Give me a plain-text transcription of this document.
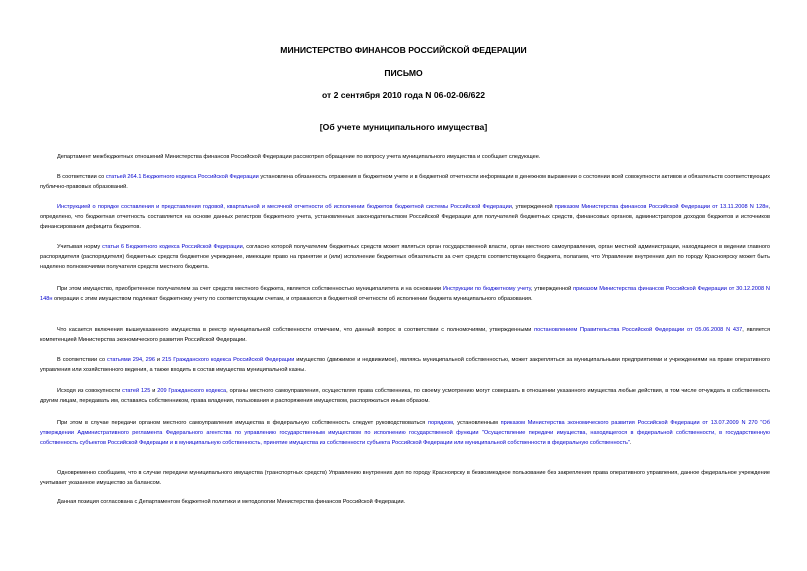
МИНИСТЕРСТВО ФИНАНСОВ РОССИЙСКОЙ ФЕДЕРАЦИИ
ПИСЬМО
от 2 сентября 2010 года N 06-02-06/622
[Об учете муниципального имущества]

Департамент межбюджетных отношений Министерства финансов Российской Федерации рассмотрел обращение по вопросу учета муниципального имущества и сообщает следующее.

В соответствии со статьей 264.1 Бюджетного кодекса Российской Федерации установлена обязанность отражения в бюджетном учете и в бюджетной отчетности информации в денежном выражении о состоянии всей совокупности активов и обязательств соответствующих публично-правовых образований.

Инструкцией о порядке составления и представления годовой, квартальной и месячной отчетности об исполнении бюджетов бюджетной системы Российской Федерации, утвержденной приказом Министерства финансов Российской Федерации от 13.11.2008 N 128н, определено, что бюджетная отчетность составляется на основе данных регистров бюджетного учета, установленных законодательством Российской Федерации для получателей бюджетных средств, финансовых органов, администраторов доходов бюджетов и источников финансирования дефицита бюджетов.

Учитывая норму статьи 6 Бюджетного кодекса Российской Федерации, согласно которой получателем бюджетных средств может являться орган государственной власти, орган местного самоуправления, орган местной администрации, находящиеся в ведении главного распорядителя (распорядителя) бюджетных средств бюджетное учреждение, имеющие право на принятие и (или) исполнение бюджетных обязательств за счет средств соответствующего бюджета, полагаем, что Управление внутренних дел по городу Красноярску может быть наделено полномочиями получателя средств местного бюджета.

При этом имущество, приобретенное получателем за счет средств местного бюджета, является собственностью муниципалитета и на основании Инструкции по бюджетному учету, утвержденной приказом Министерства финансов Российской Федерации от 30.12.2008 N 148н операции с этим имуществом подлежат бюджетному учету по соответствующим счетам, и отражаются в бюджетной отчетности об исполнении бюджета муниципального образования.

Что касается включения вышеуказанного имущества в реестр муниципальной собственности отмечаем, что данный вопрос в соответствии с полномочиями, утвержденными постановлением Правительства Российской Федерации от 05.06.2008 N 437, является компетенцией Министерства экономического развития Российской Федерации.

В соответствии со статьями 294, 296 и 215 Гражданского кодекса Российской Федерации имущество (движимое и недвижимое), являясь муниципальной собственностью, может закрепляться за муниципальными предприятиями и учреждениями на праве оперативного управления или хозяйственного ведения, а также входить в состав имущества муниципальной казны.

Исходя из совокупности статей 125 и 209 Гражданского кодекса, органы местного самоуправления, осуществляя права собственника, по своему усмотрению могут совершать в отношении указанного имущества любые действия, в том числе отчуждать в собственность другим лицам, передавать им, оставаясь собственником, права владения, пользования и распоряжения имуществом, распоряжаться иным образом.

При этом в случае передачи органом местного самоуправления имущества в федеральную собственность следует руководствоваться порядком, установленным приказом Министерства экономического развития Российской Федерации от 13.07.2009 N 270 "Об утверждении Административного регламента Федерального агентства по управлению государственным имуществом по исполнению государственной функции "Осуществление передачи имущества, находящегося в федеральной собственности, в государственную собственность субъектов Российской Федерации и в муниципальную собственность, принятие имущества из собственности субъекта Российской Федерации или муниципальной собственности в федеральную собственность".

Одновременно сообщаем, что в случае передачи муниципального имущества (транспортных средств) Управлению внутренних дел по городу Красноярску в безвозмездное пользование без закрепления права оперативного управления, данное федеральное учреждение учитывает указанное имущество за балансом.

Данная позиция согласована с Департаментом бюджетной политики и методологии Министерства финансов Российской Федерации.
